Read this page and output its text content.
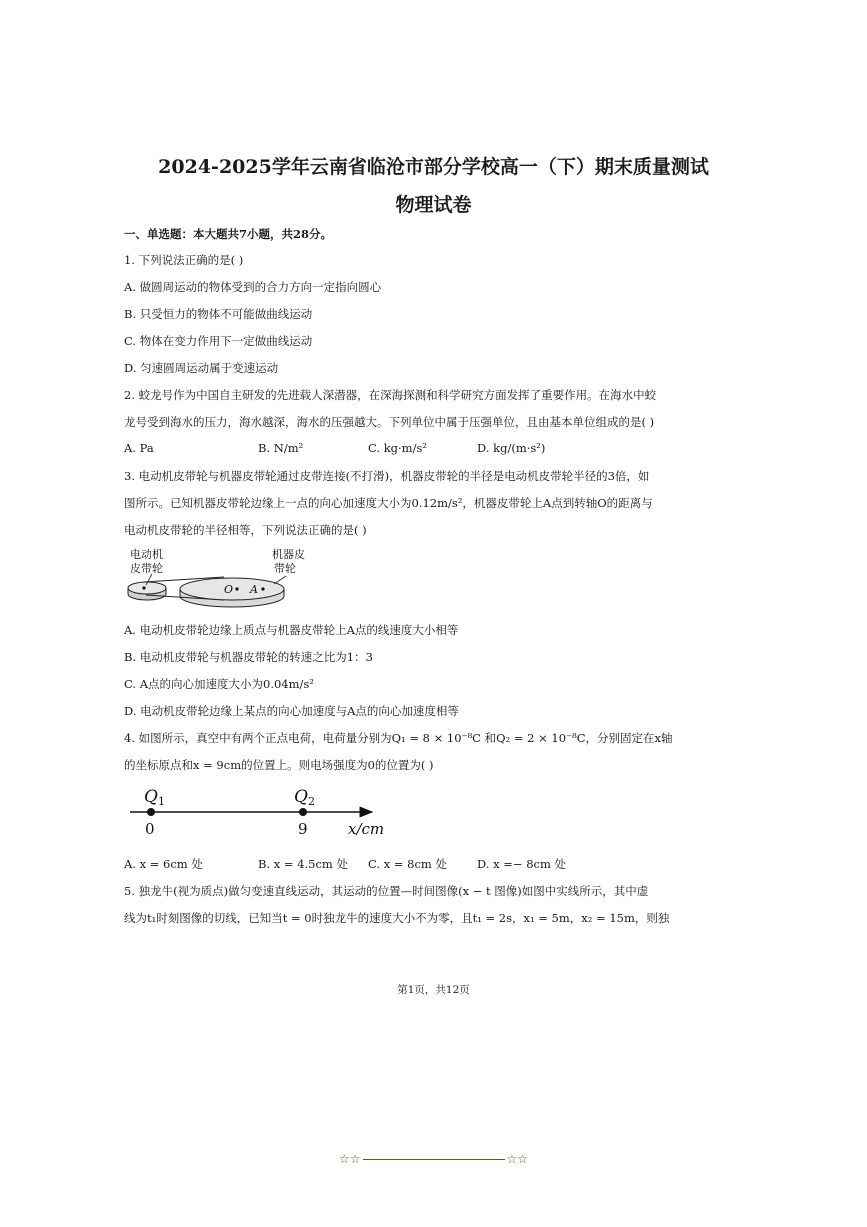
2024-2025学年云南省临沧市部分学校高一（下）期末质量测试
物理试卷
一、单选题：本大题共7小题，共28分。
1. 下列说法正确的是( )
A. 做圆周运动的物体受到的合力方向一定指向圆心
B. 只受恒力的物体不可能做曲线运动
C. 物体在变力作用下一定做曲线运动
D. 匀速圆周运动属于变速运动
2. 蛟龙号作为中国自主研发的先进载人深潜器，在深海探测和科学研究方面发挥了重要作用。在海水中蛟
龙号受到海水的压力，海水越深，海水的压强越大。下列单位中属于压强单位，且由基本单位组成的是( )
A. Pa	B. N/m²	C. kg·m/s²	D. kg/(m·s²)
3. 电动机皮带轮与机器皮带轮通过皮带连接(不打滑)，机器皮带轮的半径是电动机皮带轮半径的3倍，如
图所示。已知机器皮带轮边缘上一点的向心加速度大小为0.12m/s²，机器皮带轮上A点到转轴O的距离与
电动机皮带轮的半径相等，下列说法正确的是( )
电动机
皮带轮
机器皮
带轮
O A
A. 电动机皮带轮边缘上质点与机器皮带轮上A点的线速度大小相等
B. 电动机皮带轮与机器皮带轮的转速之比为1：3
C. A点的向心加速度大小为0.04m/s²
D. 电动机皮带轮边缘上某点的向心加速度与A点的向心加速度相等
4. 如图所示，真空中有两个正点电荷，电荷量分别为Q₁ = 8 × 10⁻⁸C 和Q₂ = 2 × 10⁻⁸C，分别固定在x轴
的坐标原点和x = 9cm的位置上。则电场强度为0的位置为( )
Q1	Q2
0	9	x/cm
A. x = 6cm 处	B. x = 4.5cm 处 C. x = 8cm 处	D. x =− 8cm 处
5. 独龙牛(视为质点)做匀变速直线运动，其运动的位置—时间图像(x − t 图像)如图中实线所示，其中虚
线为t₁时刻图像的切线，已知当t = 0时独龙牛的速度大小不为零，且t₁ = 2s，x₁ = 5m，x₂ = 15m，则独
第1页，共12页
☆☆	☆☆
